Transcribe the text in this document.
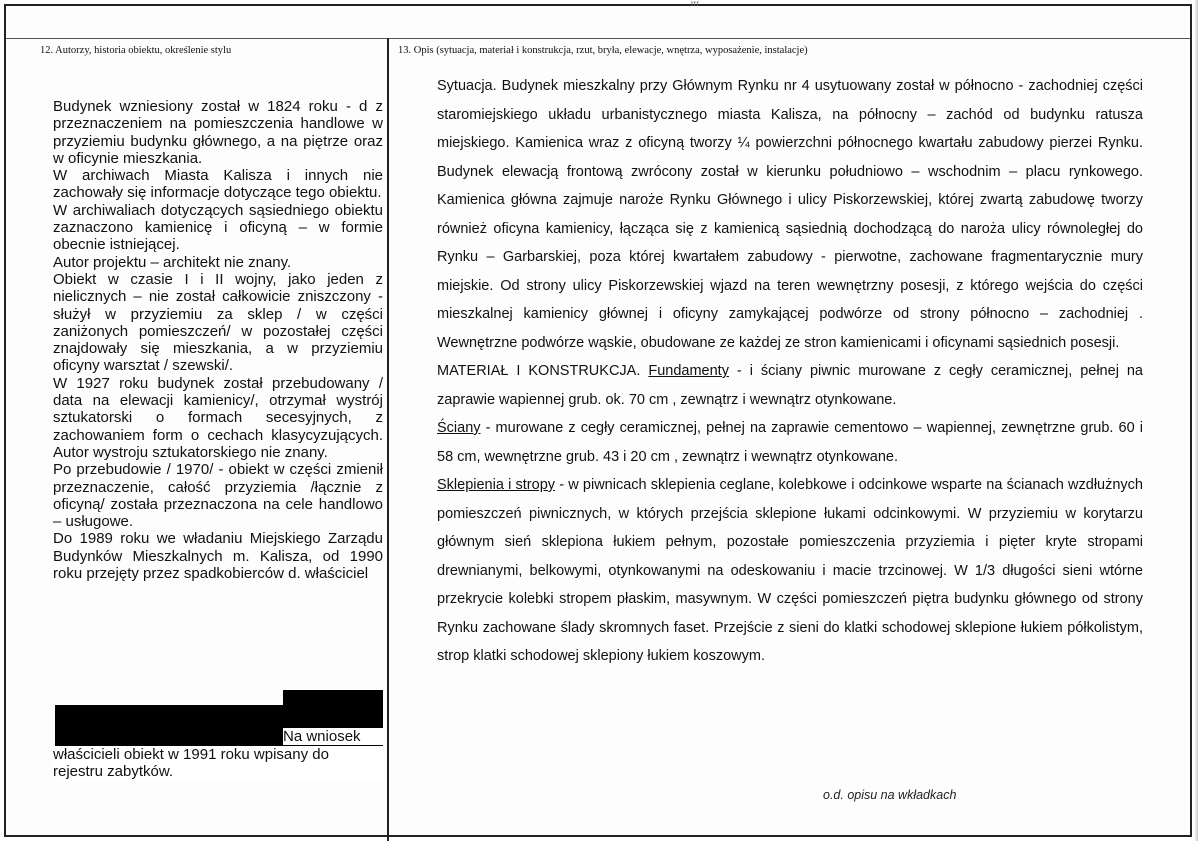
rrr
12. Autorzy, historia obiektu, określenie stylu	13. Opis (sytuacja, materiał i konstrukcja, rzut, bryła, elewacje, wnętrza, wyposażenie, instalacje)

Budynek wzniesiony został w 1824 roku - d z przeznaczeniem na pomieszczenia handlowe w przyziemiu budynku głównego, a na piętrze oraz w oficynie mieszkania.

W archiwach Miasta Kalisza i innych nie zachowały się informacje dotyczące tego obiektu.

W archiwaliach dotyczących sąsiedniego obiektu zaznaczono kamienicę i oficyną – w formie obecnie istniejącej.

Autor projektu – architekt nie znany.

Obiekt w czasie I i II wojny, jako jeden z nielicznych – nie został całkowicie zniszczony - służył w przyziemiu za sklep / w części zaniżonych pomieszczeń/ w pozostałej części znajdowały się mieszkania, a w przyziemiu oficyny warsztat / szewski/.

W 1927 roku budynek został przebudowany / data na elewacji kamienicy/, otrzymał wystrój sztukatorski o formach secesyjnych, z zachowaniem form o cechach klasycyzujących. Autor wystroju sztukatorskiego nie znany.

Po przebudowie / 1970/ - obiekt w części zmienił przeznaczenie, całość przyziemia /łącznie z oficyną/ została przeznaczona na cele handlowo – usługowe.

Do 1989 roku we władaniu Miejskiego Zarządu Budynków Mieszkalnych m. Kalisza, od 1990 roku przejęty przez spadkobierców d. właściciel

Na wniosek
właścicieli obiekt w 1991 roku wpisany do rejestru zabytków.

Sytuacja. Budynek mieszkalny przy Głównym Rynku nr 4 usytuowany został w północno - zachodniej części staromiejskiego układu urbanistycznego miasta Kalisza, na północny – zachód od budynku ratusza miejskiego. Kamienica wraz z oficyną tworzy ¼ powierzchni północnego kwartału zabudowy pierzei Rynku. Budynek elewacją frontową zwrócony został w kierunku południowo – wschodnim – placu rynkowego. Kamienica główna zajmuje naroże Rynku Głównego i ulicy Piskorzewskiej, której zwartą zabudowę tworzy również oficyna kamienicy, łącząca się z kamienicą sąsiednią dochodzącą do naroża ulicy równoległej do Rynku – Garbarskiej, poza której kwartałem zabudowy - pierwotne, zachowane fragmentarycznie mury miejskie. Od strony ulicy Piskorzewskiej wjazd na teren wewnętrzny posesji, z którego wejścia do części mieszkalnej kamienicy głównej i oficyny zamykającej podwórze od strony północno – zachodniej . Wewnętrzne podwórze wąskie, obudowane ze każdej ze stron kamienicami i oficynami sąsiednich posesji.

MATERIAŁ I KONSTRUKCJA. Fundamenty - i ściany piwnic murowane z cegły ceramicznej, pełnej na zaprawie wapiennej grub. ok. 70 cm , zewnątrz i wewnątrz otynkowane.

Ściany - murowane z cegły ceramicznej, pełnej na zaprawie cementowo – wapiennej, zewnętrzne grub. 60 i 58 cm, wewnętrzne grub. 43 i 20 cm , zewnątrz i wewnątrz otynkowane.

Sklepienia i stropy - w piwnicach sklepienia ceglane, kolebkowe i odcinkowe wsparte na ścianach wzdłużnych pomieszczeń piwnicznych, w których przejścia sklepione łukami odcinkowymi. W przyziemiu w korytarzu głównym sień sklepiona łukiem pełnym, pozostałe pomieszczenia przyziemia i pięter kryte stropami drewnianymi, belkowymi, otynkowanymi na odeskowaniu i macie trzcinowej. W 1/3 długości sieni wtórne przekrycie kolebki stropem płaskim, masywnym. W części pomieszczeń piętra budynku głównego od strony Rynku zachowane ślady skromnych faset. Przejście z sieni do klatki schodowej sklepione łukiem półkolistym, strop klatki schodowej sklepiony łukiem koszowym.

o.d. opisu na wkładkach
